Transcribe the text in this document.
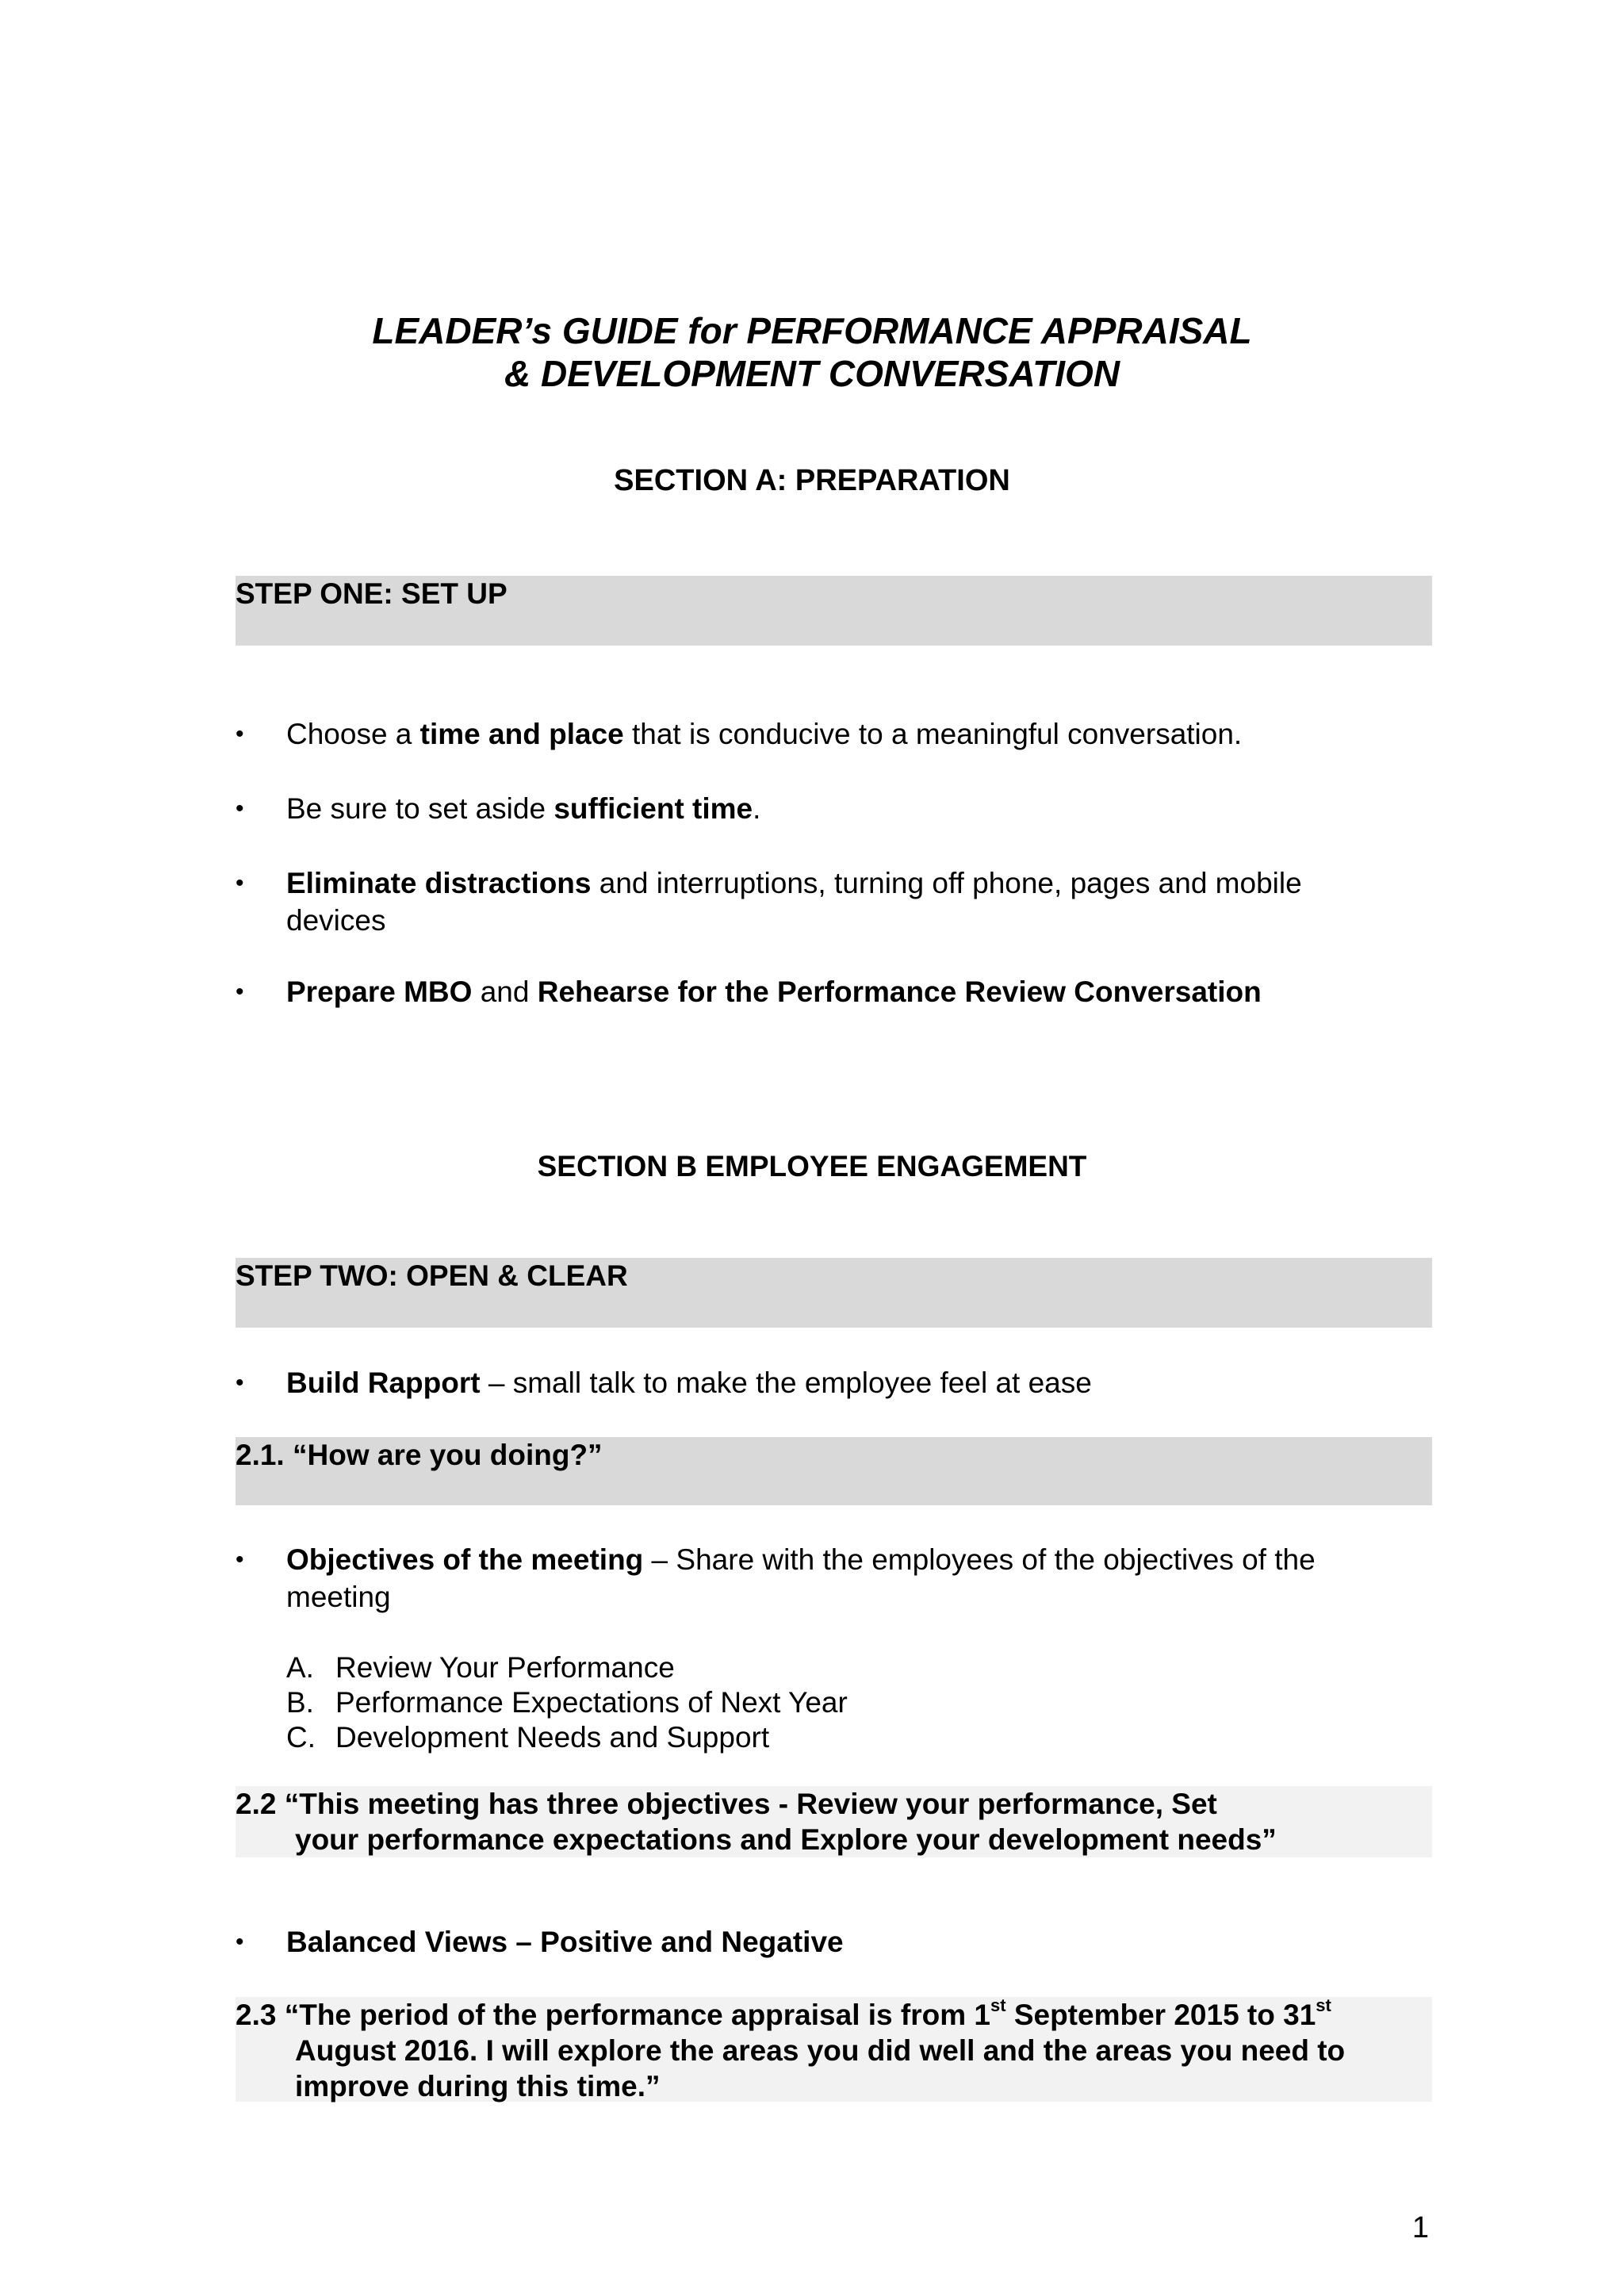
LEADER’s GUIDE for PERFORMANCE APPRAISAL
& DEVELOPMENT CONVERSATION
SECTION A: PREPARATION
STEP ONE: SET UP
•	Choose a time and place that is conducive to a meaningful conversation.
•	Be sure to set aside sufficient time.
•	Eliminate distractions and interruptions, turning off phone, pages and mobile devices
•	Prepare MBO and Rehearse for the Performance Review Conversation
SECTION B EMPLOYEE ENGAGEMENT
STEP TWO: OPEN & CLEAR
•	Build Rapport – small talk to make the employee feel at ease
2.1. “How are you doing?”
•	Objectives of the meeting – Share with the employees of the objectives of the meeting
A. Review Your Performance
B. Performance Expectations of Next Year
C. Development Needs and Support
2.2 “This meeting has three objectives - Review your performance, Set
your performance expectations and Explore your development needs”
•	Balanced Views – Positive and Negative
2.3 “The period of the performance appraisal is from 1st September 2015 to 31st
August 2016. I will explore the areas you did well and the areas you need to
improve during this time.”
1
